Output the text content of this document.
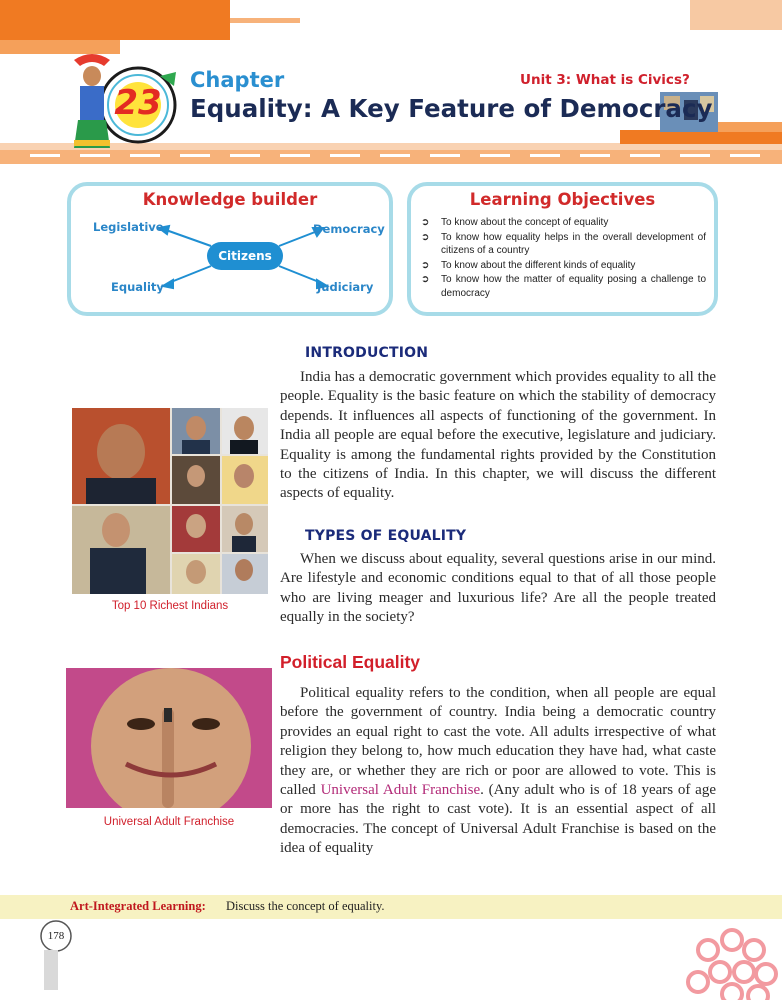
23
Chapter	Unit 3: What is Civics?
Equality: A Key Feature of Democracy
Knowledge builder
Legislative	Democracy
Equality	Judiciary
Citizens
Learning Objectives
➲ To know about the concept of equality
➲ To know how equality helps in the overall development of citizens of a country
➲ To know about the different kinds of equality
➲ To know how the matter of equality posing a challenge to democracy
Top 10 Richest Indians
Universal Adult Franchise
INTRODUCTION

India has a democratic government which provides equality to all the people. Equality is the basic feature on which the stability of democracy depends. It influences all aspects of functioning of the government. In India all people are equal before the executive, legislature and judiciary. Equality is among the fundamental rights provided by the Constitution to the citizens of India. In this chapter, we will discuss the different aspects of equality.

TYPES OF EQUALITY

When we discuss about equality, several questions arise in our mind. Are lifestyle and economic conditions equal to that of all those people who are living meager and luxurious life? Are all the people treated equally in the society?

Political Equality

Political equality refers to the condition, when all people are equal before the government of country. India being a democratic country provides an equal right to cast the vote. All adults irrespective of what religion they belong to, how much education they have had, what caste they are, or whether they are rich or poor are allowed to vote. This is called Universal Adult Franchise. (Any adult who is of 18 years of age or more has the right to cast vote). It is an essential aspect of all democracies. The concept of Universal Adult Franchise is based on the idea of equality

Art-Integrated Learning: Discuss the concept of equality.
178
